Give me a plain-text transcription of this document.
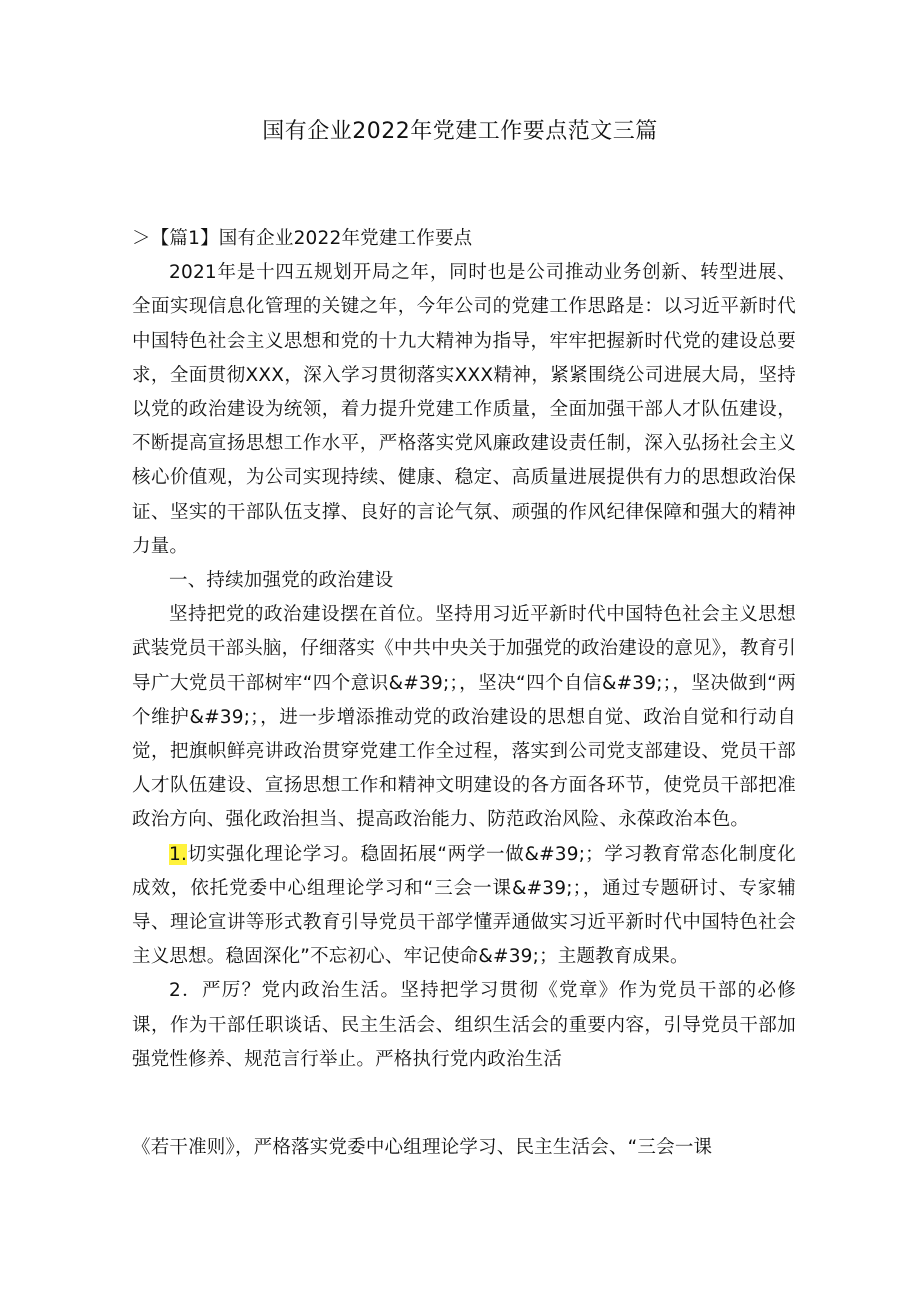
国有企业2022年党建工作要点范文三篇

＞【篇1】国有企业2022年党建工作要点

2021年是十四五规划开局之年，同时也是公司推动业务创新、转型进展、全面实现信息化管理的关键之年，今年公司的党建工作思路是：以习近平新时代中国特色社会主义思想和党的十九大精神为指导，牢牢把握新时代党的建设总要求，全面贯彻XXX，深入学习贯彻落实XXX精神，紧紧围绕公司进展大局，坚持以党的政治建设为统领，着力提升党建工作质量，全面加强干部人才队伍建设，不断提高宣扬思想工作水平，严格落实党风廉政建设责任制，深入弘扬社会主义核心价值观，为公司实现持续、健康、稳定、高质量进展提供有力的思想政治保证、坚实的干部队伍支撑、良好的言论气氛、顽强的作风纪律保障和强大的精神力量。

一、持续加强党的政治建设

坚持把党的政治建设摆在首位。坚持用习近平新时代中国特色社会主义思想武装党员干部头脑，仔细落实《中共中央关于加强党的政治建设的意见》，教育引导广大党员干部树牢“四个意识&#39;；，坚决“四个自信&#39;；，坚决做到“两个维护&#39;；，进一步增添推动党的政治建设的思想自觉、政治自觉和行动自觉，把旗帜鲜亮讲政治贯穿党建工作全过程，落实到公司党支部建设、党员干部人才队伍建设、宣扬思想工作和精神文明建设的各方面各环节，使党员干部把准政治方向、强化政治担当、提高政治能力、防范政治风险、永葆政治本色。

1.切实强化理论学习。稳固拓展“两学一做&#39;；学习教育常态化制度化成效，依托党委中心组理论学习和“三会一课&#39;；，通过专题研讨、专家辅导、理论宣讲等形式教育引导党员干部学懂弄通做实习近平新时代中国特色社会主义思想。稳固深化”不忘初心、牢记使命&#39;；主题教育成果。

2．严厉？党内政治生活。坚持把学习贯彻《党章》作为党员干部的必修课，作为干部任职谈话、民主生活会、组织生活会的重要内容，引导党员干部加强党性修养、规范言行举止。严格执行党内政治生活

《若干准则》，严格落实党委中心组理论学习、民主生活会、“三会一课
